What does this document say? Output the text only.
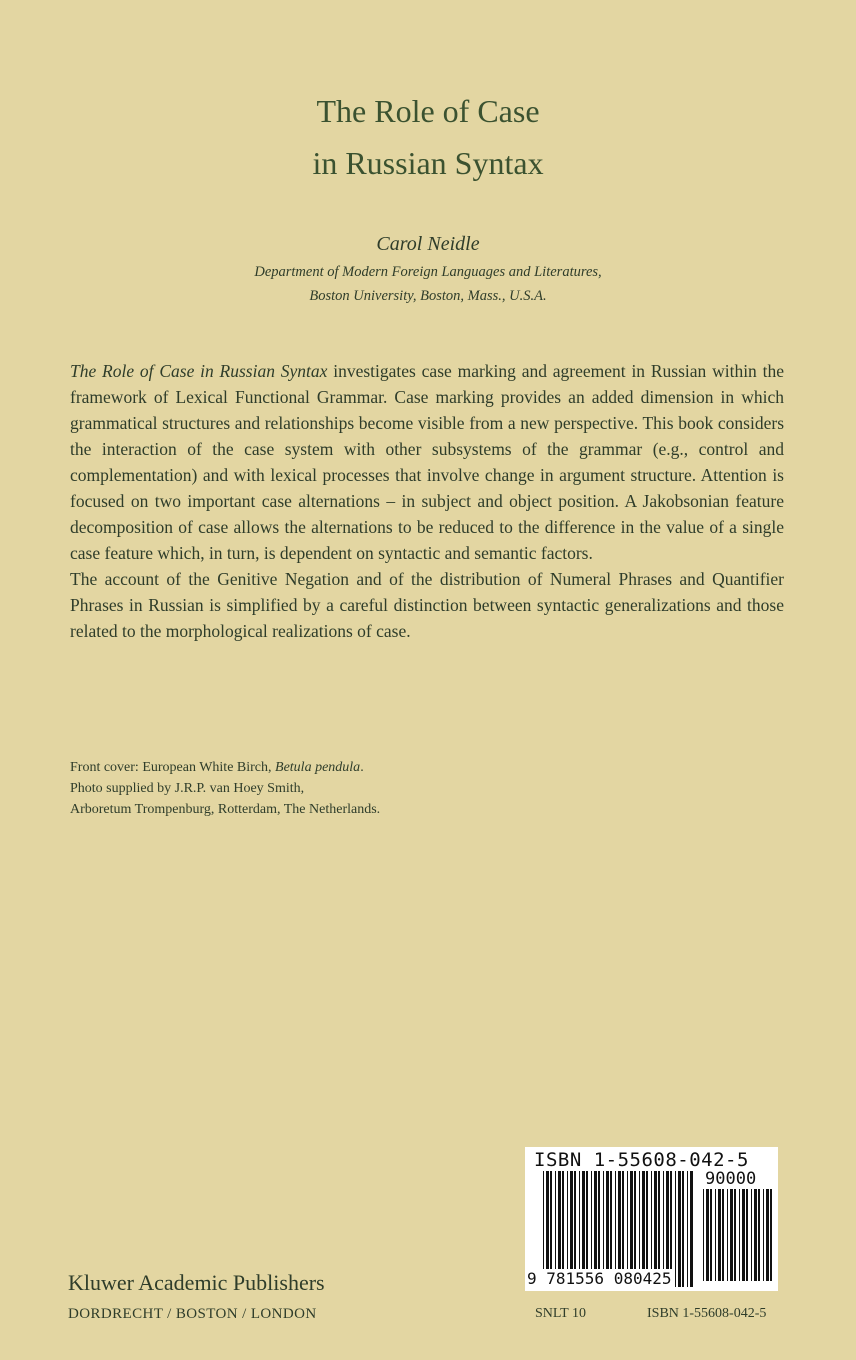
The Role of Case
in Russian Syntax
Carol Neidle
Department of Modern Foreign Languages and Literatures,
Boston University, Boston, Mass., U.S.A.

The Role of Case in Russian Syntax investigates case marking and agreement in Russian within the framework of Lexical Functional Grammar. Case marking provides an added dimension in which grammatical structures and relationships become visible from a new perspective. This book considers the interaction of the case system with other subsystems of the grammar (e.g., control and complementation) and with lexical processes that involve change in argument structure. Attention is focused on two important case alternations – in subject and object position. A Jakobsonian feature decomposition of case allows the alternations to be reduced to the difference in the value of a single case feature which, in turn, is dependent on syntactic and semantic factors.

The account of the Genitive Negation and of the distribution of Numeral Phrases and Quantifier Phrases in Russian is simplified by a careful distinction between syntactic generalizations and those related to the morphological realizations of case.

Front cover: European White Birch, Betula pendula.
Photo supplied by J.R.P. van Hoey Smith,
Arboretum Trompenburg, Rotterdam, The Netherlands.
ISBN 1-55608-042-5
90000
9 781556 080425
Kluwer Academic Publishers
DORDRECHT / BOSTON / LONDON	SNLT 10	ISBN 1-55608-042-5
